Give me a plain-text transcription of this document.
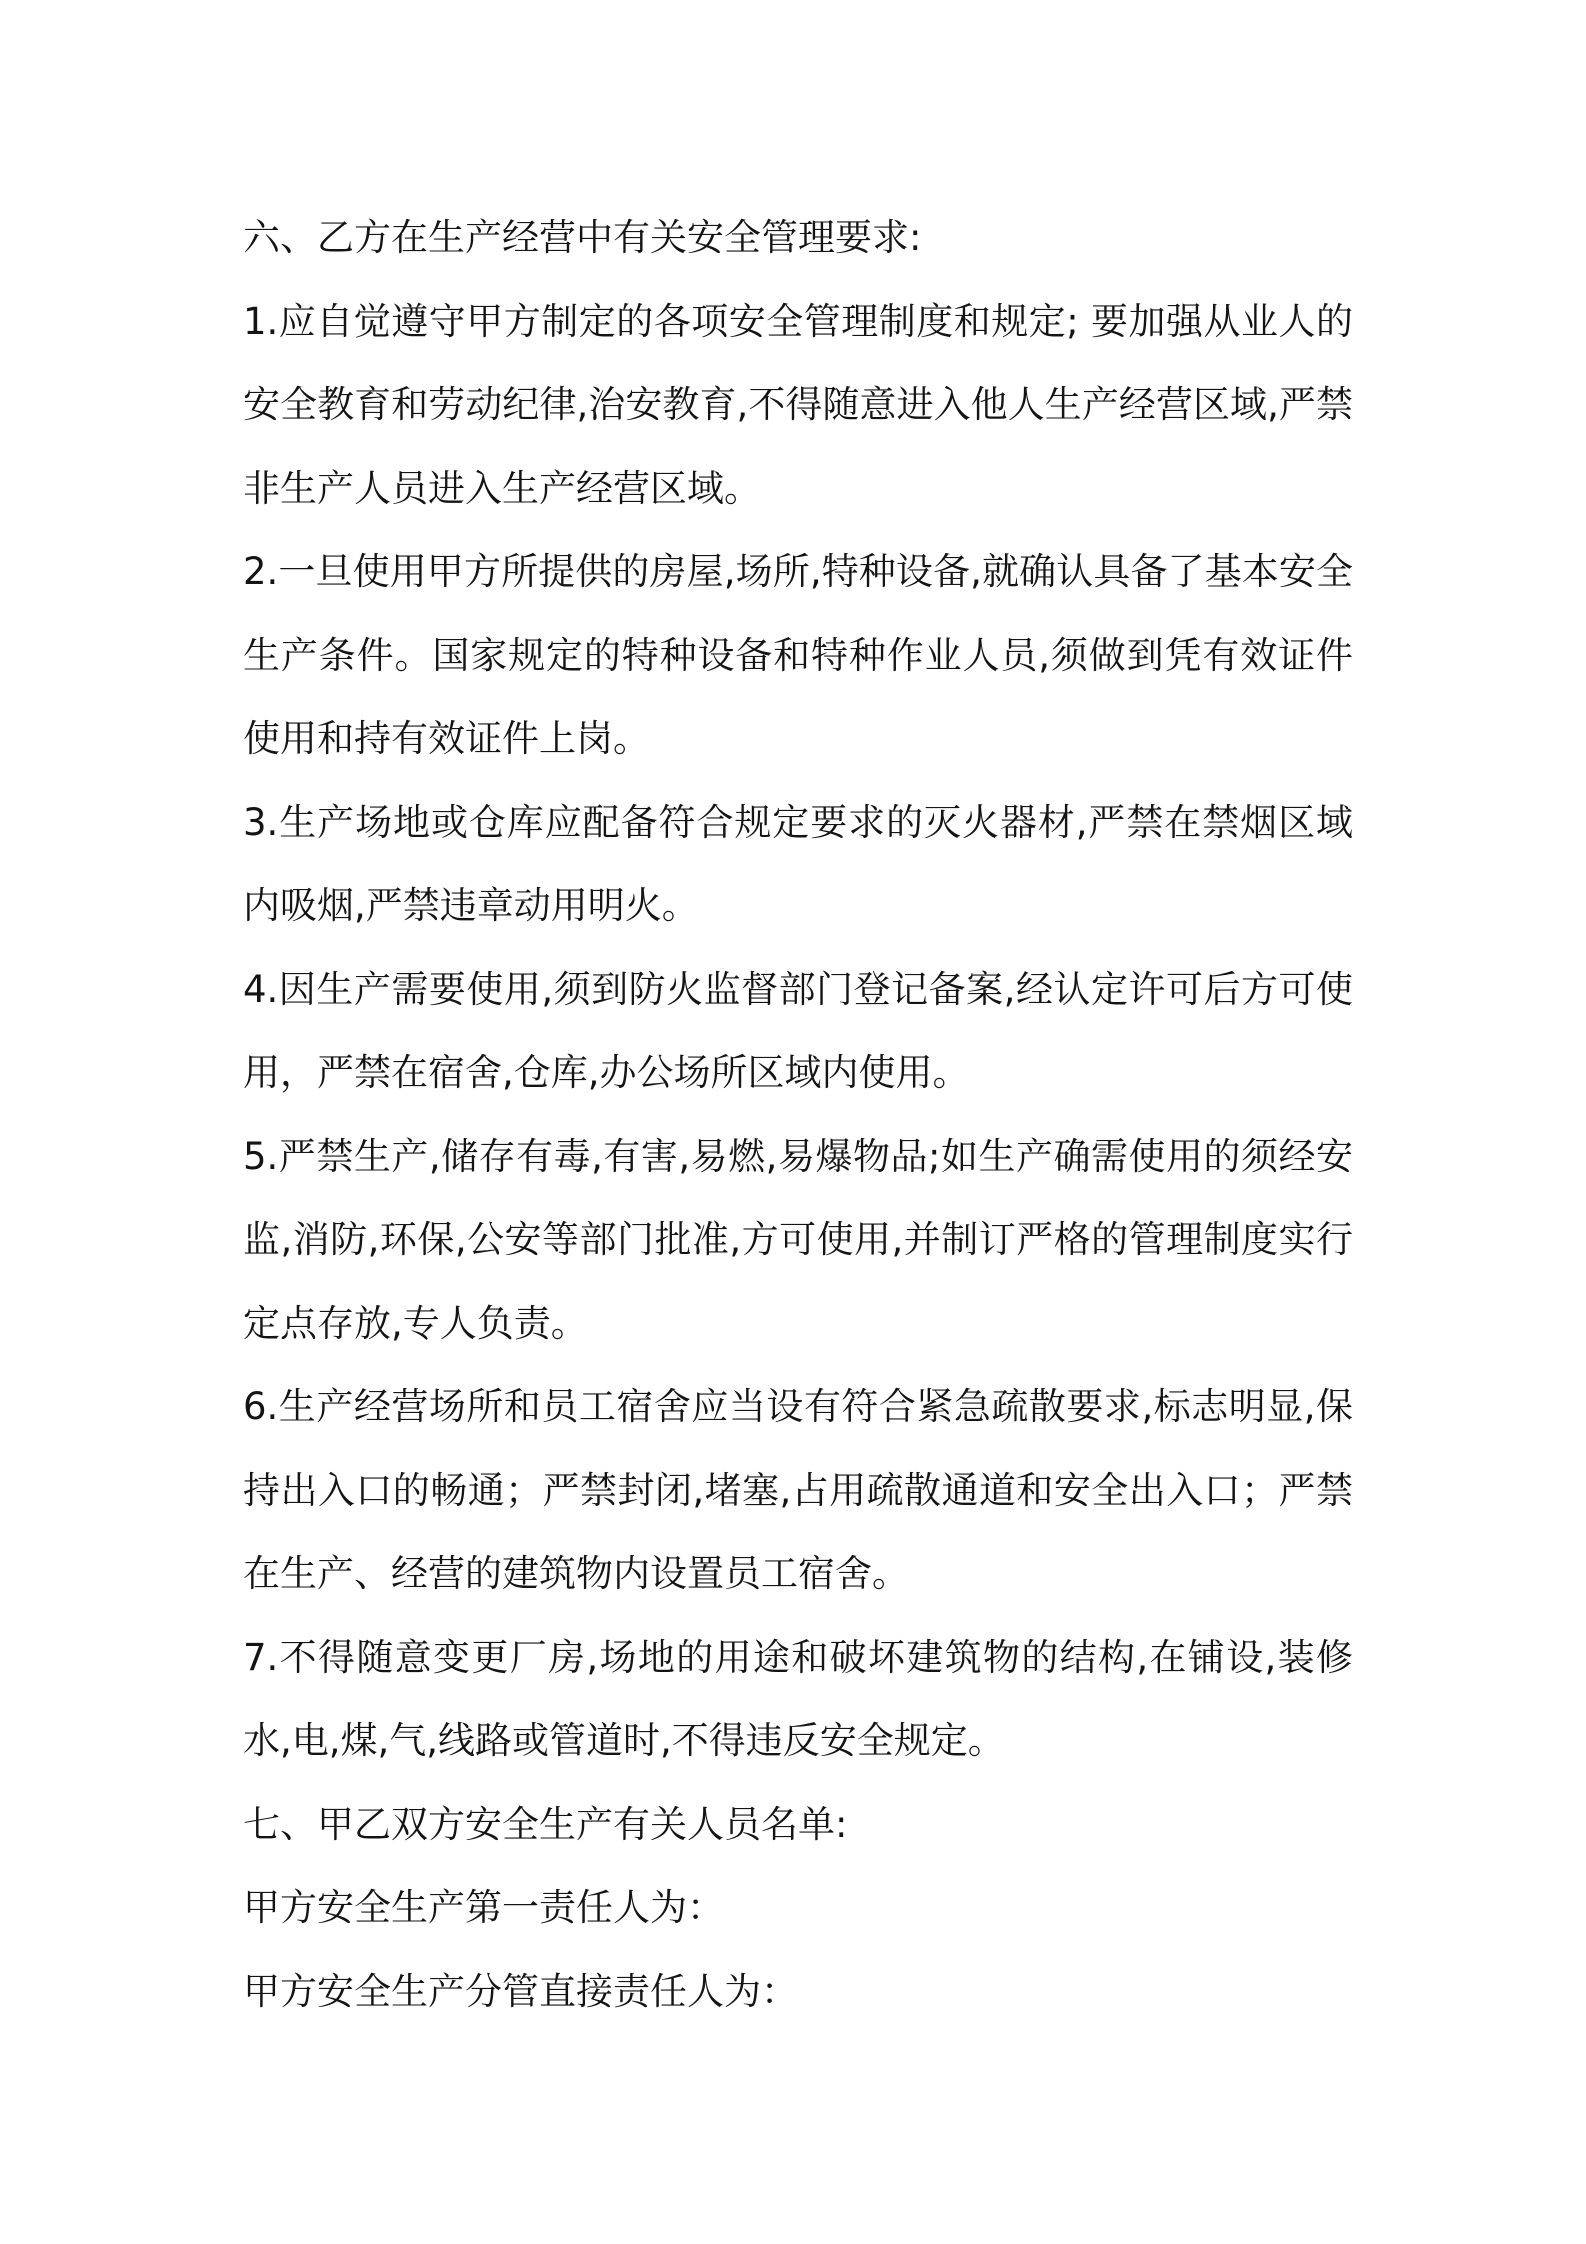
六、乙方在生产经营中有关安全管理要求:

1.应自觉遵守甲方制定的各项安全管理制度和规定; 要加强从业人的安全教育和劳动纪律,治安教育,不得随意进入他人生产经营区域,严禁非生产人员进入生产经营区域。

2.一旦使用甲方所提供的房屋,场所,特种设备,就确认具备了基本安全生产条件。国家规定的特种设备和特种作业人员,须做到凭有效证件使用和持有效证件上岗。

3.生产场地或仓库应配备符合规定要求的灭火器材,严禁在禁烟区域内吸烟,严禁违章动用明火。

4.因生产需要使用,须到防火监督部门登记备案,经认定许可后方可使用，严禁在宿舍,仓库,办公场所区域内使用。

5.严禁生产,储存有毒,有害,易燃,易爆物品;如生产确需使用的须经安监,消防,环保,公安等部门批准,方可使用,并制订严格的管理制度实行定点存放,专人负责。

6.生产经营场所和员工宿舍应当设有符合紧急疏散要求,标志明显,保持出入口的畅通；严禁封闭,堵塞,占用疏散通道和安全出入口；严禁在生产、经营的建筑物内设置员工宿舍。

7.不得随意变更厂房,场地的用途和破坏建筑物的结构,在铺设,装修水,电,煤,气,线路或管道时,不得违反安全规定。

七、甲乙双方安全生产有关人员名单:

甲方安全生产第一责任人为：

甲方安全生产分管直接责任人为：
